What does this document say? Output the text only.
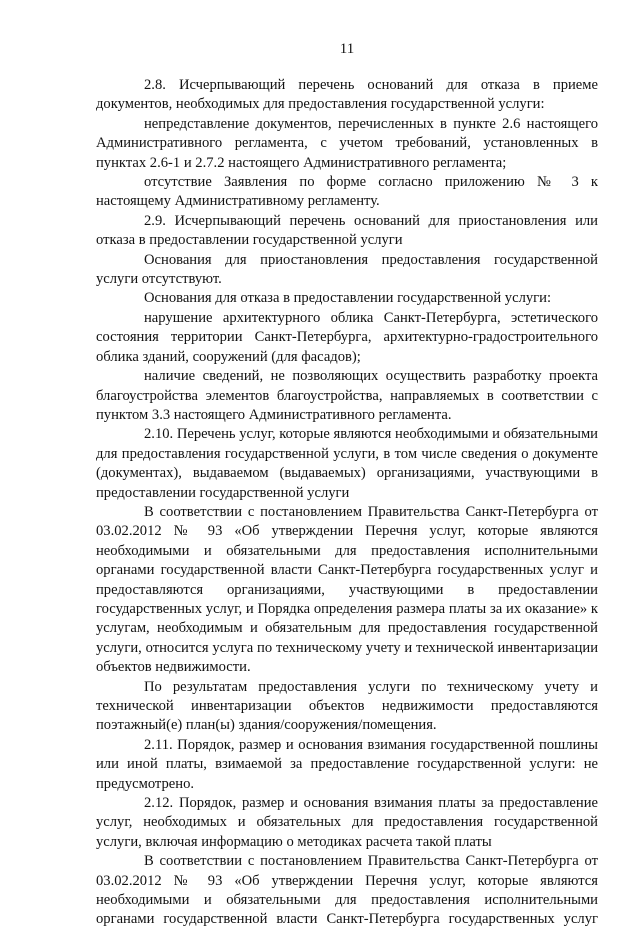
11

2.8. Исчерпывающий перечень оснований для отказа в приеме документов, необходимых для предоставления государственной услуги:

непредставление документов, перечисленных в пункте 2.6 настоящего Административного регламента, с учетом требований, установленных в пунктах 2.6-1 и 2.7.2 настоящего Административного регламента;

отсутствие Заявления по форме согласно приложению № 3 к настоящему Административному регламенту.

2.9. Исчерпывающий перечень оснований для приостановления или отказа в предоставлении государственной услуги

Основания для приостановления предоставления государственной услуги отсутствуют.

Основания для отказа в предоставлении государственной услуги:

нарушение архитектурного облика Санкт-Петербурга, эстетического состояния территории Санкт-Петербурга, архитектурно-градостроительного облика зданий, сооружений (для фасадов);

наличие сведений, не позволяющих осуществить разработку проекта благоустройства элементов благоустройства, направляемых в соответствии с пунктом 3.3 настоящего Административного регламента.

2.10. Перечень услуг, которые являются необходимыми и обязательными для предоставления государственной услуги, в том числе сведения о документе (документах), выдаваемом (выдаваемых) организациями, участвующими в предоставлении государственной услуги

В соответствии с постановлением Правительства Санкт-Петербурга от 03.02.2012 № 93 «Об утверждении Перечня услуг, которые являются необходимыми и обязательными для предоставления исполнительными органами государственной власти Санкт-Петербурга государственных услуг и предоставляются организациями, участвующими в предоставлении государственных услуг, и Порядка определения размера платы за их оказание» к услугам, необходимым и обязательным для предоставления государственной услуги, относится услуга по техническому учету и технической инвентаризации объектов недвижимости.

По результатам предоставления услуги по техническому учету и технической инвентаризации объектов недвижимости предоставляются поэтажный(е) план(ы) здания/сооружения/помещения.

2.11. Порядок, размер и основания взимания государственной пошлины или иной платы, взимаемой за предоставление государственной услуги: не предусмотрено.

2.12. Порядок, размер и основания взимания платы за предоставление услуг, необходимых и обязательных для предоставления государственной услуги, включая информацию о методиках расчета такой платы

В соответствии с постановлением Правительства Санкт-Петербурга от 03.02.2012 № 93 «Об утверждении Перечня услуг, которые являются необходимыми и обязательными для предоставления исполнительными органами государственной власти Санкт-Петербурга государственных услуг
